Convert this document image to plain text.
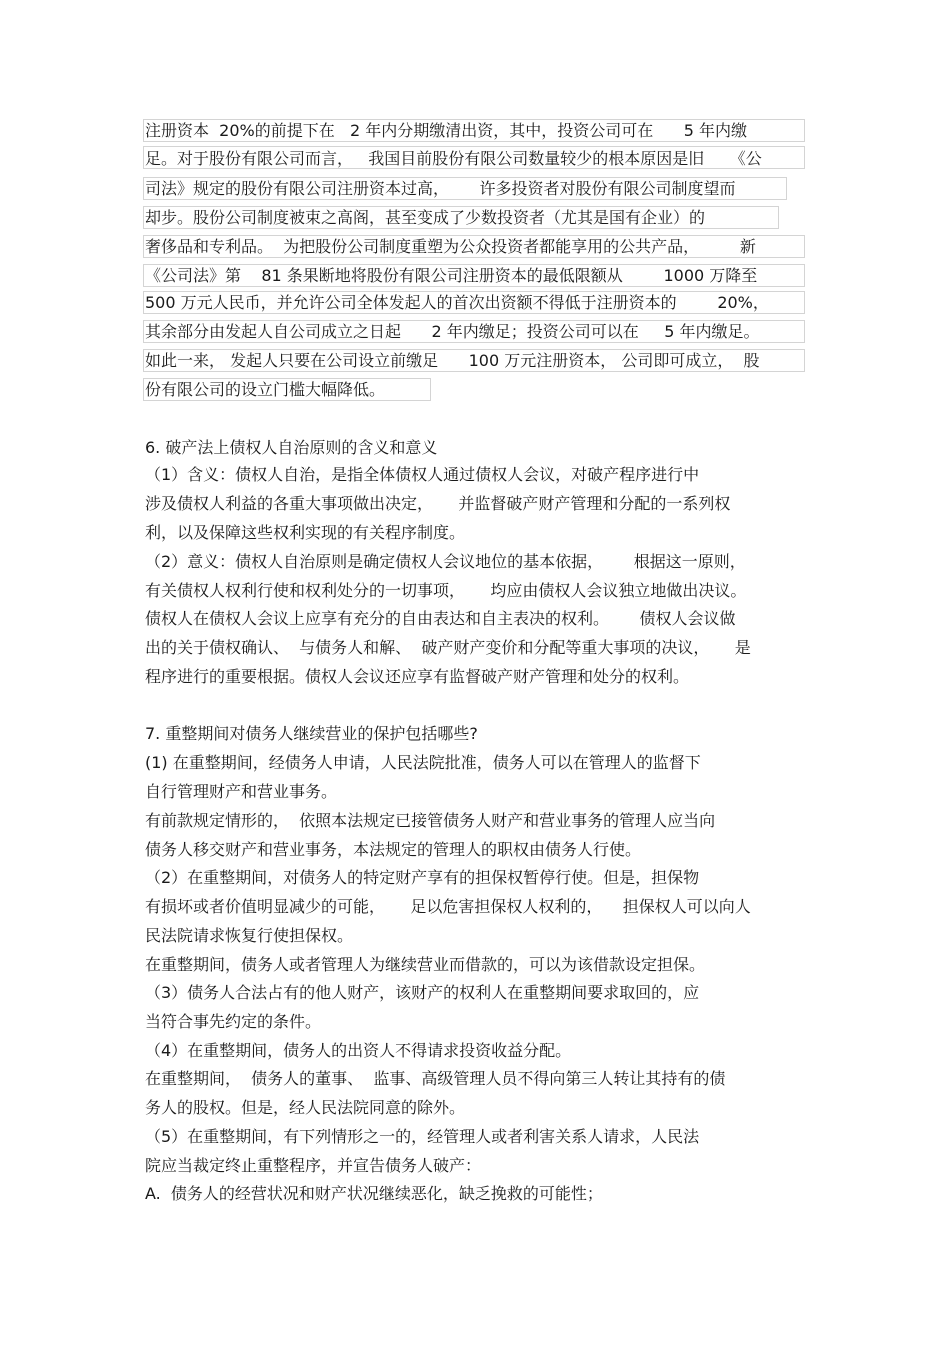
注册资本  20%的前提下在   2 年内分期缴清出资，其中，投资公司可在      5 年内缴
足。对于股份有限公司而言，   我国目前股份有限公司数量较少的根本原因是旧     《公
司法》规定的股份有限公司注册资本过高，      许多投资者对股份有限公司制度望而
却步。股份公司制度被束之高阁，甚至变成了少数投资者（尤其是国有企业）的
奢侈品和专利品。  为把股份公司制度重塑为公众投资者都能享用的公共产品，        新
《公司法》第    81 条果断地将股份有限公司注册资本的最低限额从        1000 万降至
500 万元人民币，并允许公司全体发起人的首次出资额不得低于注册资本的        20%，
其余部分由发起人自公司成立之日起      2 年内缴足；投资公司可以在     5 年内缴足。
如此一来， 发起人只要在公司设立前缴足      100 万元注册资本， 公司即可成立，  股
份有限公司的设立门槛大幅降低。
6. 破产法上债权人自治原则的含义和意义
（1）含义：债权人自治，是指全体债权人通过债权人会议，对破产程序进行中
涉及债权人利益的各重大事项做出决定，     并监督破产财产管理和分配的一系列权
利，以及保障这些权利实现的有关程序制度。
（2）意义：债权人自治原则是确定债权人会议地位的基本依据，      根据这一原则，
有关债权人权利行使和权利处分的一切事项，     均应由债权人会议独立地做出决议。
债权人在债权人会议上应享有充分的自由表达和自主表决的权利。      债权人会议做
出的关于债权确认、  与债务人和解、  破产财产变价和分配等重大事项的决议，     是
程序进行的重要根据。债权人会议还应享有监督破产财产管理和处分的权利。
7. 重整期间对债务人继续营业的保护包括哪些?
(1) 在重整期间，经债务人申请，人民法院批准，债务人可以在管理人的监督下
自行管理财产和营业事务。
有前款规定情形的，  依照本法规定已接管债务人财产和营业事务的管理人应当向
债务人移交财产和营业事务，本法规定的管理人的职权由债务人行使。
（2）在重整期间，对债务人的特定财产享有的担保权暂停行使。但是，担保物
有损坏或者价值明显减少的可能，     足以危害担保权人权利的，    担保权人可以向人
民法院请求恢复行使担保权。
在重整期间，债务人或者管理人为继续营业而借款的，可以为该借款设定担保。
（3）债务人合法占有的他人财产，该财产的权利人在重整期间要求取回的，应
当符合事先约定的条件。
（4）在重整期间，债务人的出资人不得请求投资收益分配。
在重整期间，  债务人的董事、  监事、高级管理人员不得向第三人转让其持有的债
务人的股权。但是，经人民法院同意的除外。
（5）在重整期间，有下列情形之一的，经管理人或者利害关系人请求，人民法
院应当裁定终止重整程序，并宣告债务人破产：
A.  债务人的经营状况和财产状况继续恶化，缺乏挽救的可能性；
